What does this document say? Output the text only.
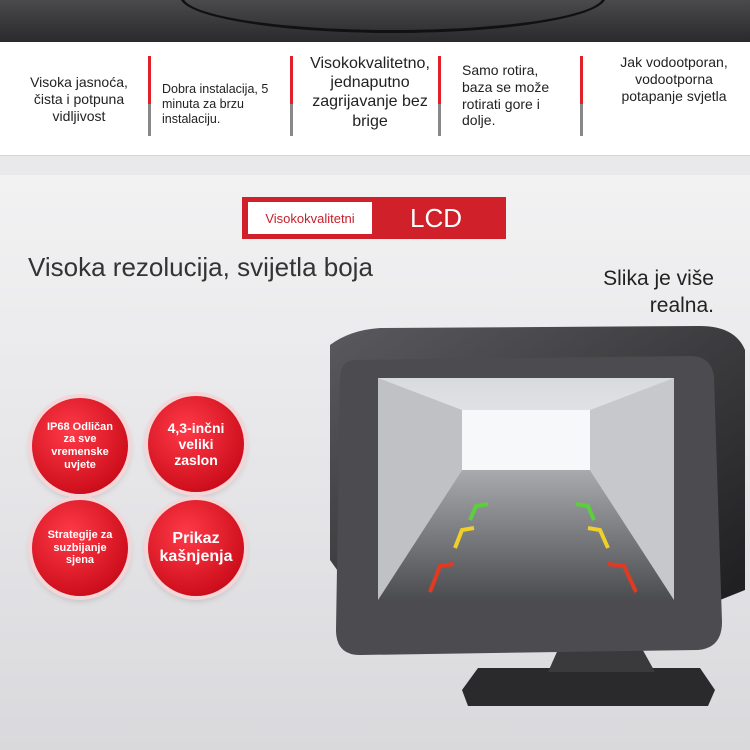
Visoka jasnoća, čista i potpuna vidljivost
Dobra instalacija, 5 minuta za brzu instalaciju.
Visokokvalitetno, jednaputno zagrijavanje bez brige
Samo rotira, baza se može rotirati gore i dolje.
Jak vodootporan, vodootporna potapanje svjetla
Visokokvalitetni	LCD
Visoka rezolucija, svijetla boja	Slika je više
realna.
IP68 Odličan za sve vremenske uvjete
4,3-inčni veliki zaslon
Strategije za suzbijanje sjena
Prikaz kašnjenja
